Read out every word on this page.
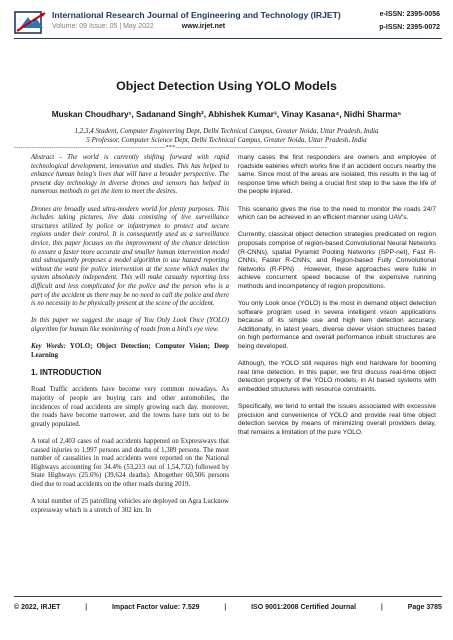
International Research Journal of Engineering and Technology (IRJET)
Volume: 09 Issue: 05 | May 2022	www.irjet.net
e-ISSN: 2395-0056
p-ISSN: 2395-0072
Object Detection Using YOLO Models
Muskan Choudhary¹, Sadanand Singh², Abhishek Kumar³, Vinay Kasana⁴, Nidhi Sharma⁵
1,2,3,4 Student, Computer Engineering Dept, Delhi Technical Campus, Greater Noida, Uttar Pradesh, India
5 Professor, Computer Science Dept, Delhi Technical Campus, Greater Noida, Uttar Pradesh, India
---------------------------------------------------------------------***---------------------------------------------------------------------

Abstract - The world is currently shifting forward with rapid technological development, innovation and studies. This has helped to enhance human being's lives that will have a broader perspective. The present day technology in diverse drones and sensors has helped in numerous methods to get the item to meet the desires.

Drones are broadly used ultra-modern world for plenty purposes. This includes taking pictures, live data consisting of live surveillance structures utilized by police or infantrymen to protect and secure regions under their control. It is consequently used as a surveillance device, this paper focuses on the improvement of the chance detection to ensure a faster more accurate and smaller human intervention model and subsequently proposes a model algorithm to use hazard reporting without the want for police intervention at the scene which makes the system absolutely independent. This will make casualty reporting less difficult and less complicated for the police and the person who is a part of the accident as there may be no need to call the police and there is no necessity to be physically present at the scene of the accident.

In this paper we suggest the usage of You Only Look Once (YOLO) algorithm for human like monitoring of roads from a bird's eye view.

Key Words: YOLO; Object Detection; Computer Vision; Deep Learning

1. INTRODUCTION

Road Traffic accidents have become very common nowadays. As majority of people are buying cars and other automobiles, the incidences of road accidents are simply growing each day. moreover, the roads have become narrower, and the towns have turn out to be greatly populated.

A total of 2,403 cases of road accidents happened on Expressways that caused injuries to 1,997 persons and deaths of 1,389 persons. The most number of causalities in road accidents were reported on the National Highways accounting for 34.4% (53,213 out of 1,54,732) followed by State Highways (25.6%) (39,624 deaths). Altogether 60,506 persons died due to road accidents on the other roads during 2019.

A total number of 25 patrolling vehicles are deployed on Agra Lucknow expressway which is a stretch of 302 km. In

many cases the first responders are owners and employee of roadside eateries which works fine if an accident occurs nearby the same. Since most of the areas are isolated, this results in the lag of response time which being a crucial first step to the save the life of the people injured.

This scenario gives the rise to the need to monitor the roads 24/7 which can be achieved in an efficient manner using UAV's.

Currently, classical object detection strategies predicated on region proposals comprise of region-based Convolutional Neural Networks (R-CNNs), spatial Pyramid Pooling Networks (SPP-net), Fast R-CNNs, Faster R-CNNs, and Region-based Fully Convolutional Networks (R-FPN) . However, these approaches were futile in achieve concurrent speed because of the expensive running methods and incompetency of region propositions.

You only Look once (YOLO) is the most in demand object detection software program used in severa intelligent vision applications because of its simple use and high item detection accuracy. Additionally, in latest years, diverse clever vision structures based on high performance and overall performance inbuilt structures are being developed.

Although, the YOLO still requires high end hardware for booming real time detection. In this paper, we first discuss real-time object detection property of the YOLO models, in AI based systems with embedded structures with resource constraints.

Specifically, we tend to entail the issues associated with excessive precision and convenience of YOLO and provide real time object detection service by means of minimizing overall providers delay, that remains a limitation of the pure YOLO.

© 2022, IRJET	|	Impact Factor value: 7.529	|	ISO 9001:2008 Certified Journal	|	Page 3785
